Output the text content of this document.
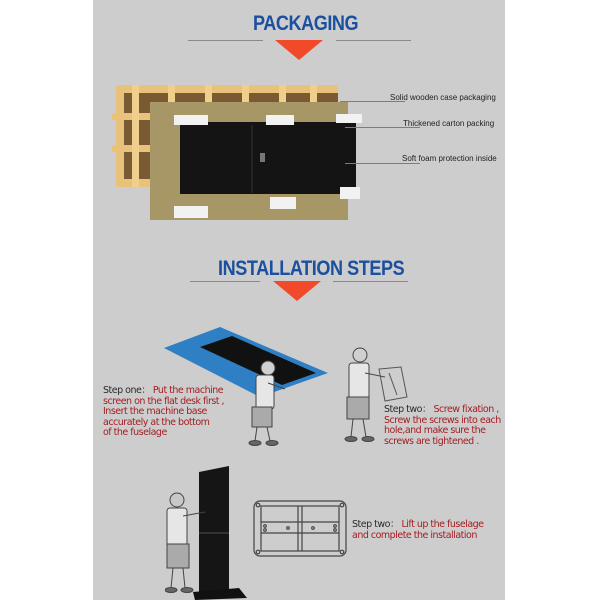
PACKAGING
Solid wooden case packaging
Thickened carton packing
Soft foam protection inside
INSTALLATION STEPS
Step one： Put the machine
screen on the flat desk first ,
Insert the machine base
accurately at the bottom
of the fuselage
Step two： Screw fixation ,
Screw the screws into each
hole,and make sure the
screws are tightened .
Step two： Lift up the fuselage
and complete the installation
